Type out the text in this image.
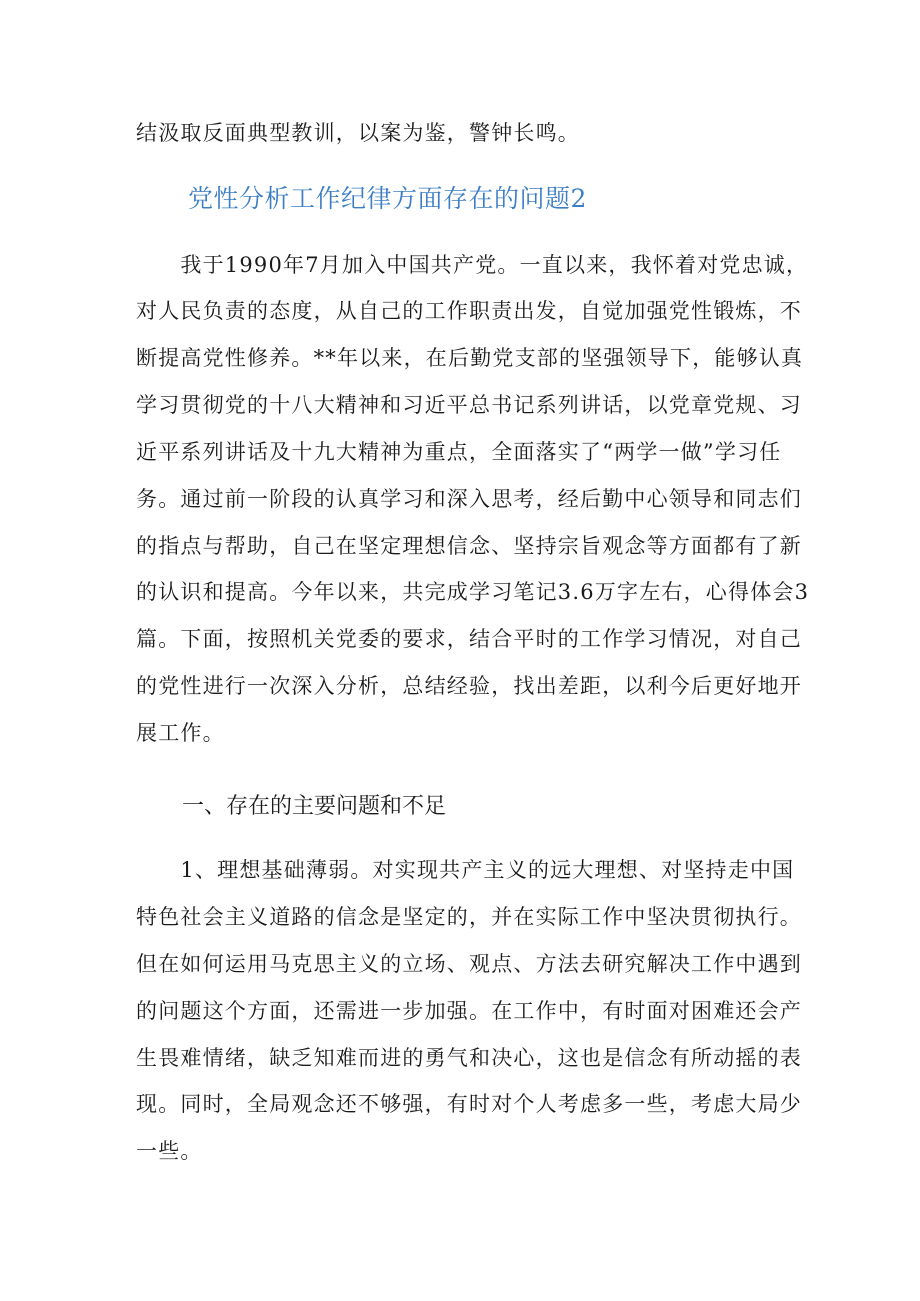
结汲取反面典型教训，以案为鉴，警钟长鸣。
党性分析工作纪律方面存在的问题2
　　我于1990年7月加入中国共产党。一直以来，我怀着对党忠诚，
对人民负责的态度，从自己的工作职责出发，自觉加强党性锻炼，不
断提高党性修养。**年以来，在后勤党支部的坚强领导下，能够认真
学习贯彻党的十八大精神和习近平总书记系列讲话，以党章党规、习
近平系列讲话及十九大精神为重点，全面落实了“两学一做”学习任
务。通过前一阶段的认真学习和深入思考，经后勤中心领导和同志们
的指点与帮助，自己在坚定理想信念、坚持宗旨观念等方面都有了新
的认识和提高。今年以来，共完成学习笔记3.6万字左右，心得体会3
篇。下面，按照机关党委的要求，结合平时的工作学习情况，对自己
的党性进行一次深入分析，总结经验，找出差距，以利今后更好地开
展工作。
一、存在的主要问题和不足
　　1、理想基础薄弱。对实现共产主义的远大理想、对坚持走中国
特色社会主义道路的信念是坚定的，并在实际工作中坚决贯彻执行。
但在如何运用马克思主义的立场、观点、方法去研究解决工作中遇到
的问题这个方面，还需进一步加强。在工作中，有时面对困难还会产
生畏难情绪，缺乏知难而进的勇气和决心，这也是信念有所动摇的表
现。同时，全局观念还不够强，有时对个人考虑多一些，考虑大局少
一些。
